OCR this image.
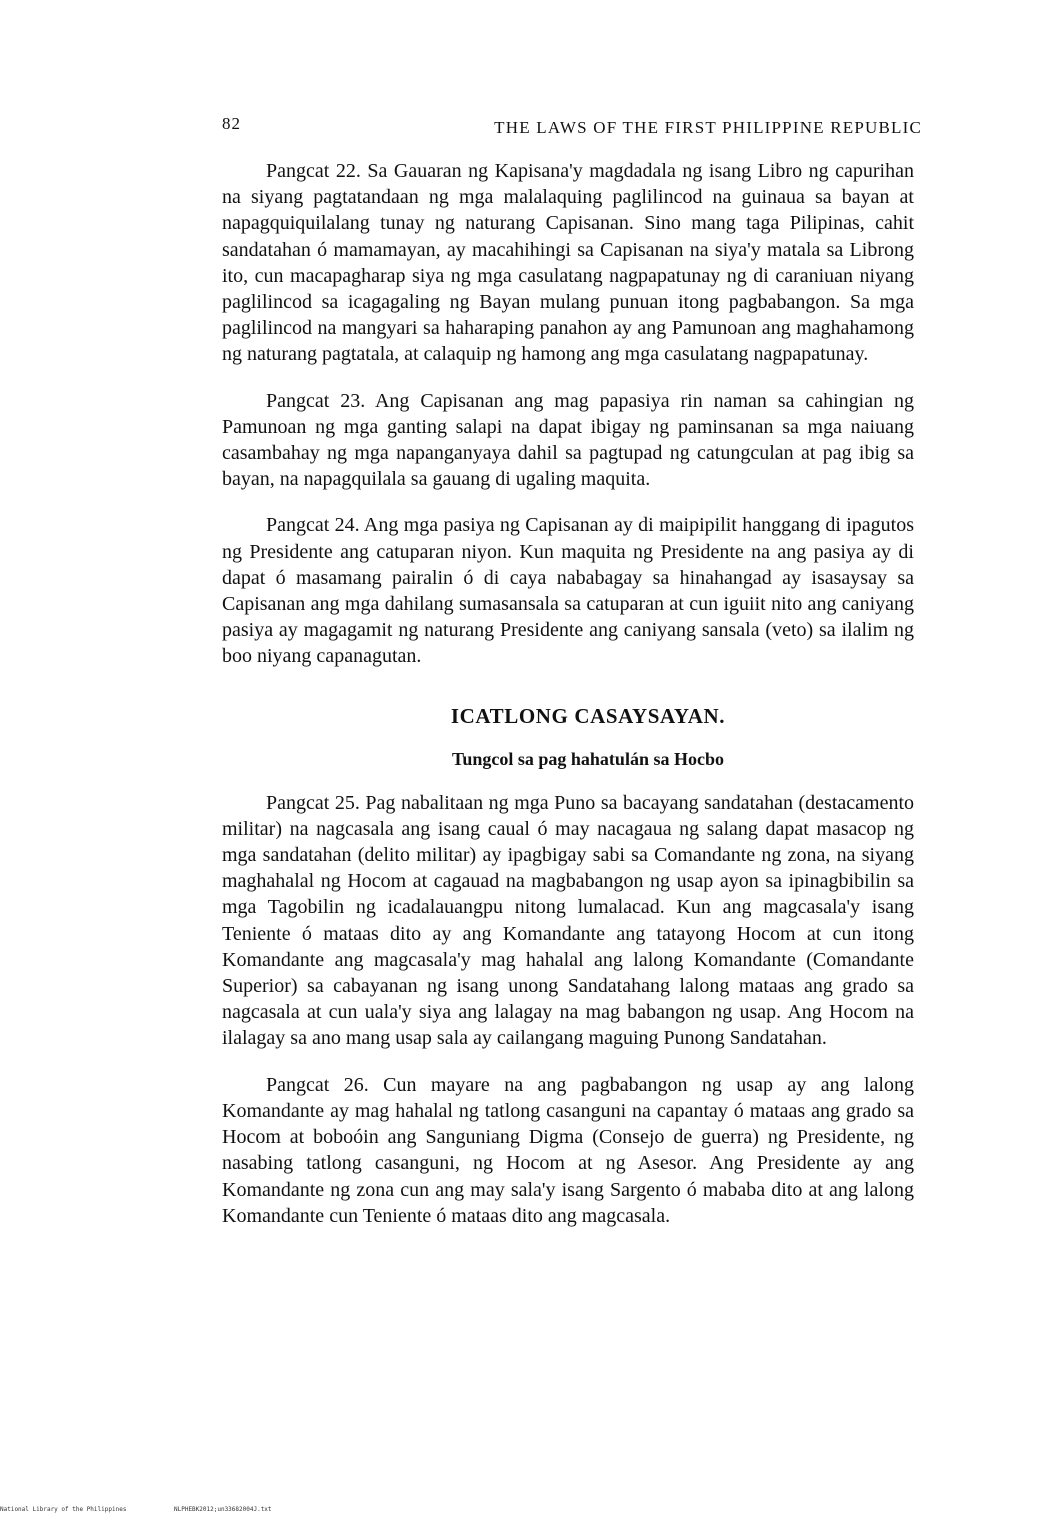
82	THE LAWS OF THE FIRST PHILIPPINE REPUBLIC

Pangcat 22. Sa Gauaran ng Kapisana'y magdadala ng isang Libro ng capurihan na siyang pagtatandaan ng mga malalaquing paglilincod na guinaua sa bayan at napagquiquilalang tunay ng naturang Capisanan. Sino mang taga Pilipinas, cahit sandatahan ó mamamayan, ay macahihingi sa Capisanan na siya'y matala sa Librong ito, cun macapagharap siya ng mga casulatang nagpapatunay ng di caraniuan niyang paglilincod sa icagagaling ng Bayan mulang punuan itong pagbabangon. Sa mga paglilincod na mangyari sa haharaping panahon ay ang Pamunoan ang maghahamong ng naturang pagtatala, at calaquip ng hamong ang mga casulatang nagpapatunay.

Pangcat 23. Ang Capisanan ang mag papasiya rin naman sa cahingian ng Pamunoan ng mga ganting salapi na dapat ibigay ng paminsanan sa mga naiuang casambahay ng mga napanganyaya dahil sa pagtupad ng catungculan at pag ibig sa bayan, na napagquilala sa gauang di ugaling maquita.

Pangcat 24. Ang mga pasiya ng Capisanan ay di maipipilit hanggang di ipagutos ng Presidente ang catuparan niyon. Kun maquita ng Presidente na ang pasiya ay di dapat ó masamang pairalin ó di caya nababagay sa hinahangad ay isasaysay sa Capisanan ang mga dahilang sumasansala sa catuparan at cun iguiit nito ang caniyang pasiya ay magagamit ng naturang Presidente ang caniyang sansala (veto) sa ilalim ng boo niyang capanagutan.

ICATLONG CASAYSAYAN.
Tungcol sa pag hahatulán sa Hocbo

Pangcat 25. Pag nabalitaan ng mga Puno sa bacayang sandatahan (destacamento militar) na nagcasala ang isang caual ó may nacagaua ng salang dapat masacop ng mga sandatahan (delito militar) ay ipagbigay sabi sa Comandante ng zona, na siyang maghahalal ng Hocom at cagauad na magbabangon ng usap ayon sa ipinagbibilin sa mga Tagobilin ng icadalauangpu nitong lumalacad. Kun ang magcasala'y isang Teniente ó mataas dito ay ang Komandante ang tatayong Hocom at cun itong Komandante ang magcasala'y mag hahalal ang lalong Komandante (Comandante Superior) sa cabayanan ng isang unong Sandatahang lalong mataas ang grado sa nagcasala at cun uala'y siya ang lalagay na mag babangon ng usap. Ang Hocom na ilalagay sa ano mang usap sala ay cailangang maguing Punong Sandatahan.

Pangcat 26. Cun mayare na ang pagbabangon ng usap ay ang lalong Komandante ay mag hahalal ng tatlong casanguni na capantay ó mataas ang grado sa Hocom at boboóin ang Sanguniang Digma (Consejo de guerra) ng Presidente, ng nasabing tatlong casanguni, ng Hocom at ng Asesor. Ang Presidente ay ang Komandante ng zona cun ang may sala'y isang Sargento ó mababa dito at ang lalong Komandante cun Teniente ó mataas dito ang magcasala.

National Library of the Philippines	NLPHEBK2012;un33682004J.txt
